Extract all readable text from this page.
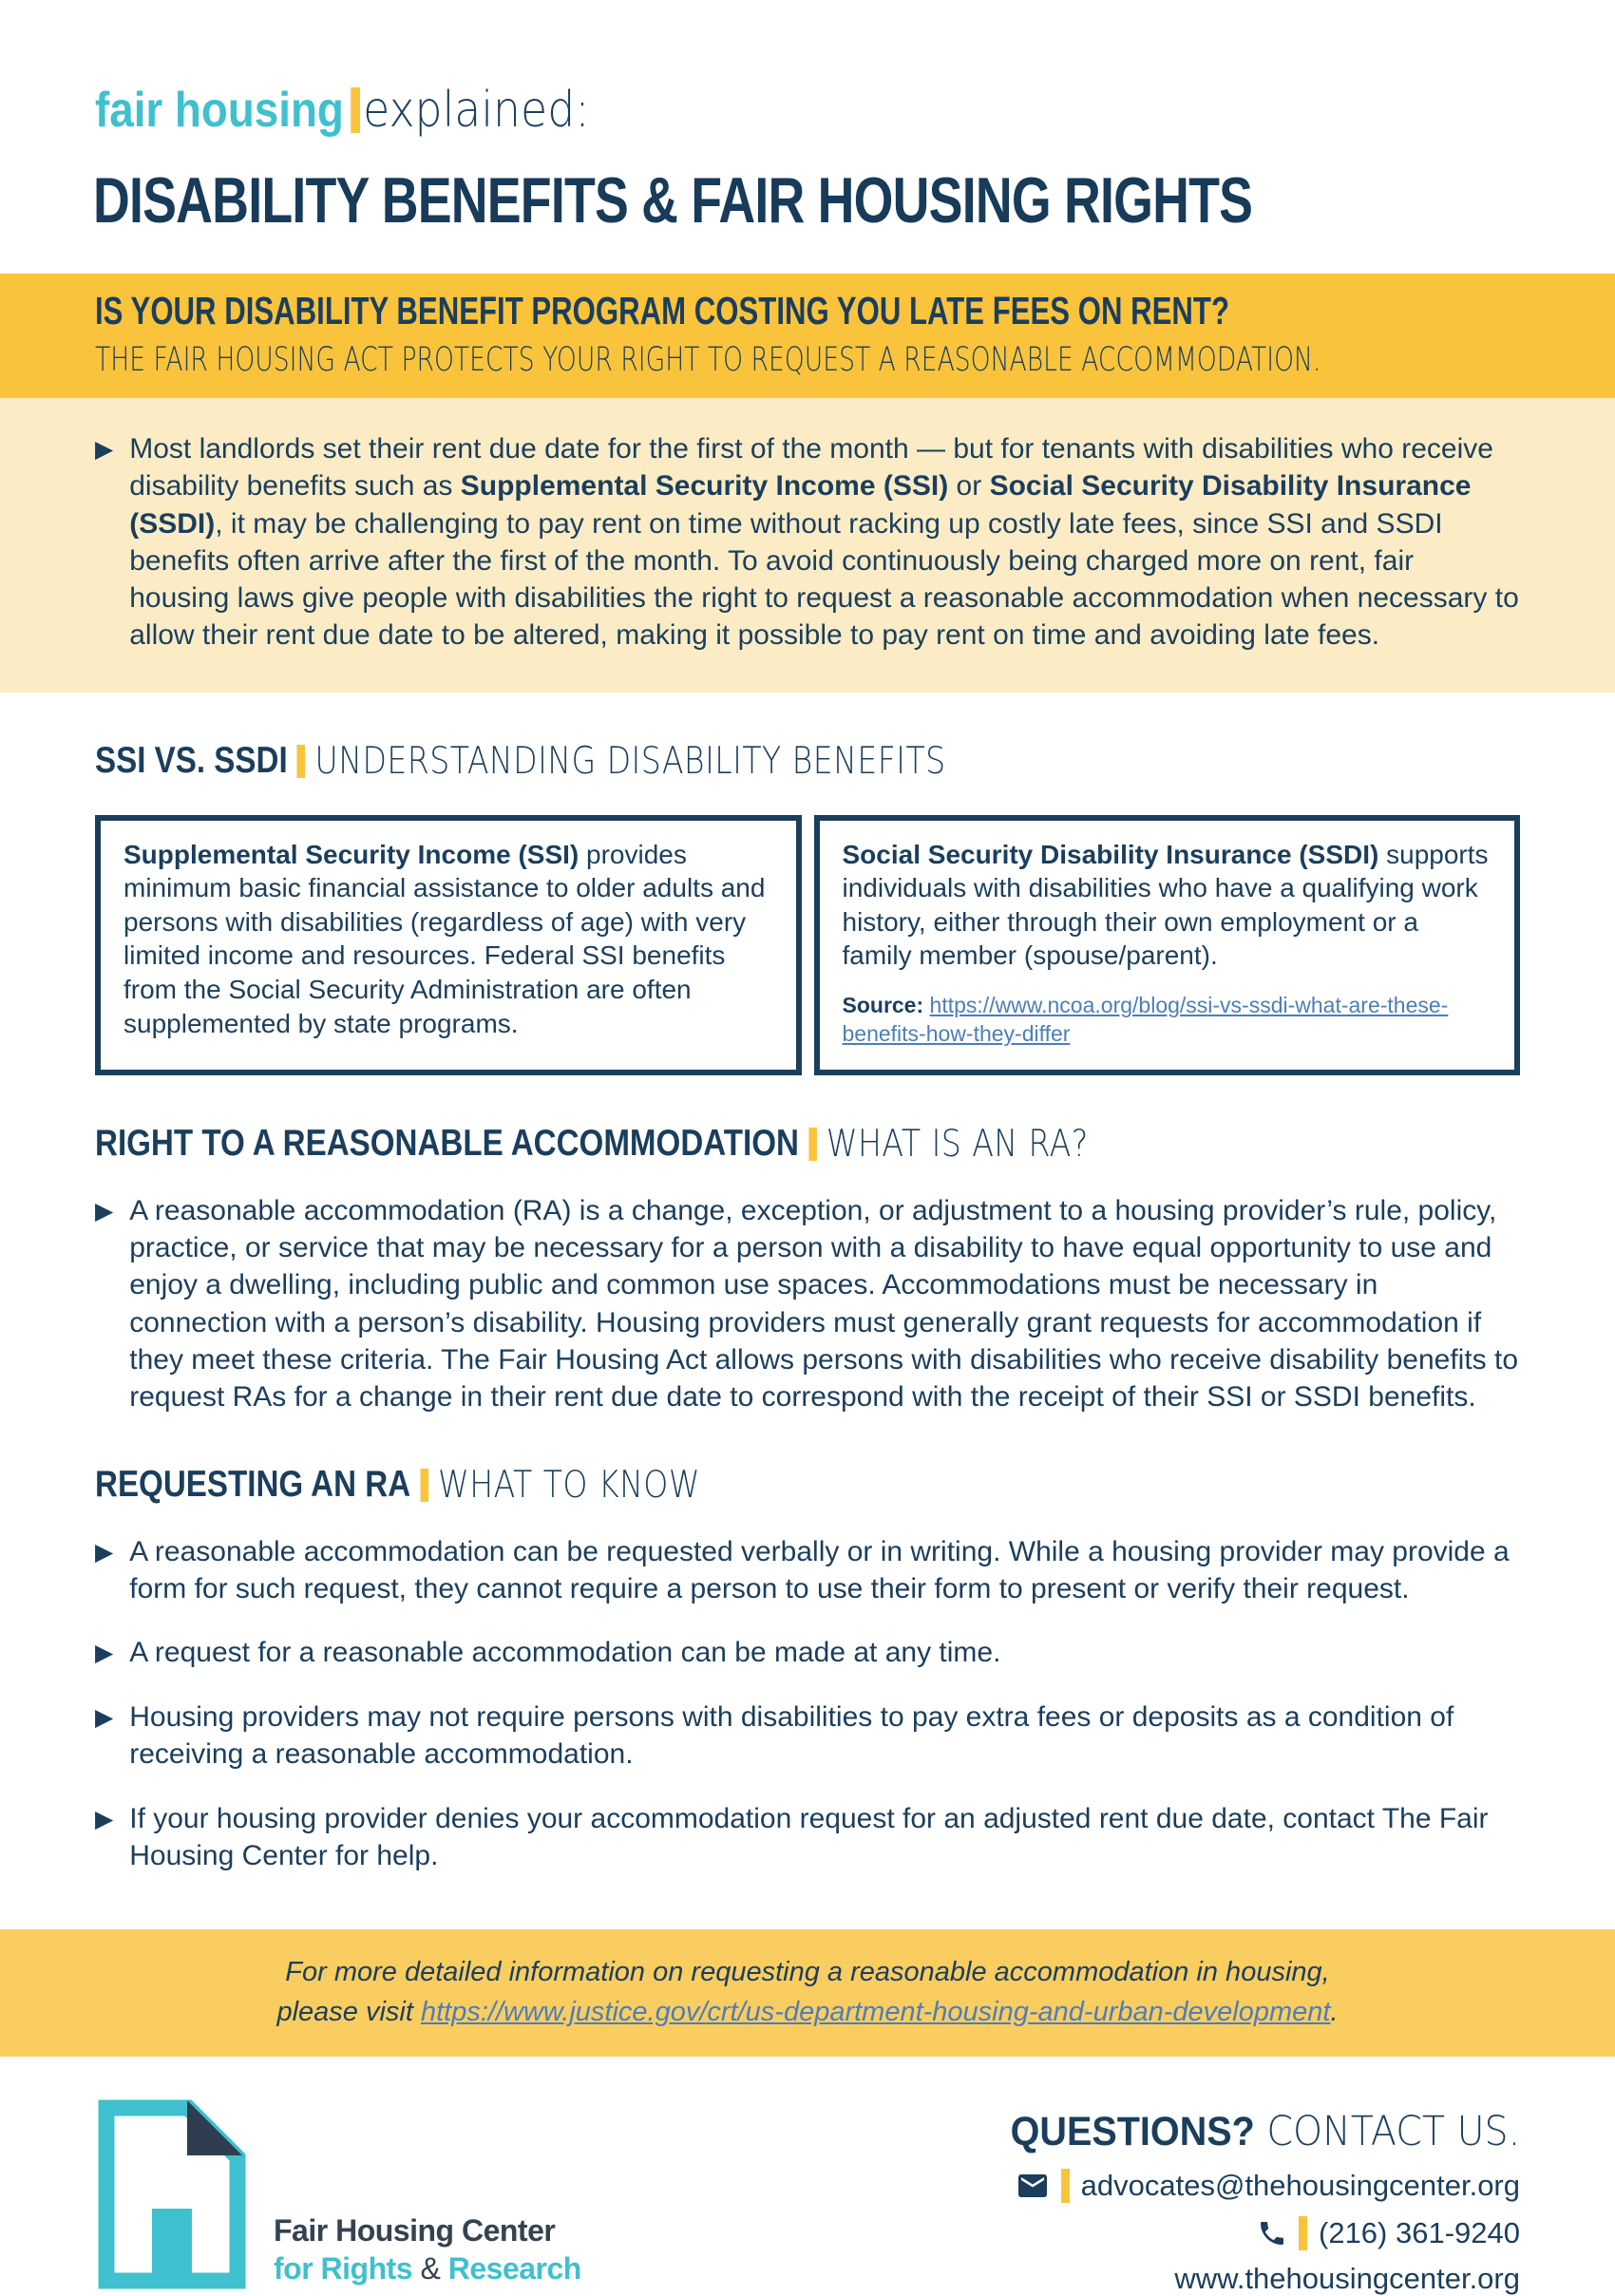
fair housing explained:
DISABILITY BENEFITS & FAIR HOUSING RIGHTS
IS YOUR DISABILITY BENEFIT PROGRAM COSTING YOU LATE FEES ON RENT?
THE FAIR HOUSING ACT PROTECTS YOUR RIGHT TO REQUEST A REASONABLE ACCOMMODATION.
▶ Most landlords set their rent due date for the first of the month — but for tenants with disabilities who receive disability benefits such as Supplemental Security Income (SSI) or Social Security Disability Insurance (SSDI), it may be challenging to pay rent on time without racking up costly late fees, since SSI and SSDI benefits often arrive after the first of the month. To avoid continuously being charged more on rent, fair housing laws give people with disabilities the right to request a reasonable accommodation when necessary to allow their rent due date to be altered, making it possible to pay rent on time and avoiding late fees.
SSI VS. SSDI UNDERSTANDING DISABILITY BENEFITS
Supplemental Security Income (SSI) provides minimum basic financial assistance to older adults and persons with disabilities (regardless of age) with very limited income and resources. Federal SSI benefits from the Social Security Administration are often supplemented by state programs.
Social Security Disability Insurance (SSDI) supports individuals with disabilities who have a qualifying work history, either through their own employment or a family member (spouse/parent).
Source: https://www.ncoa.org/blog/ssi-vs-ssdi-what-are-these-benefits-how-they-differ
RIGHT TO A REASONABLE ACCOMMODATION WHAT IS AN RA?
▶ A reasonable accommodation (RA) is a change, exception, or adjustment to a housing provider’s rule, policy, practice, or service that may be necessary for a person with a disability to have equal opportunity to use and enjoy a dwelling, including public and common use spaces. Accommodations must be necessary in connection with a person’s disability. Housing providers must generally grant requests for accommodation if they meet these criteria. The Fair Housing Act allows persons with disabilities who receive disability benefits to request RAs for a change in their rent due date to correspond with the receipt of their SSI or SSDI benefits.
REQUESTING AN RA WHAT TO KNOW
▶ A reasonable accommodation can be requested verbally or in writing. While a housing provider may provide a form for such request, they cannot require a person to use their form to present or verify their request.
▶ A request for a reasonable accommodation can be made at any time.
▶ Housing providers may not require persons with disabilities to pay extra fees or deposits as a condition of receiving a reasonable accommodation.
▶ If your housing provider denies your accommodation request for an adjusted rent due date, contact The Fair Housing Center for help.
For more detailed information on requesting a reasonable accommodation in housing,
please visit https://www.justice.gov/crt/us-department-housing-and-urban-development.
Fair Housing Center
for Rights & Research
QUESTIONS? CONTACT US.
advocates@thehousingcenter.org
(216) 361-9240
www.thehousingcenter.org
